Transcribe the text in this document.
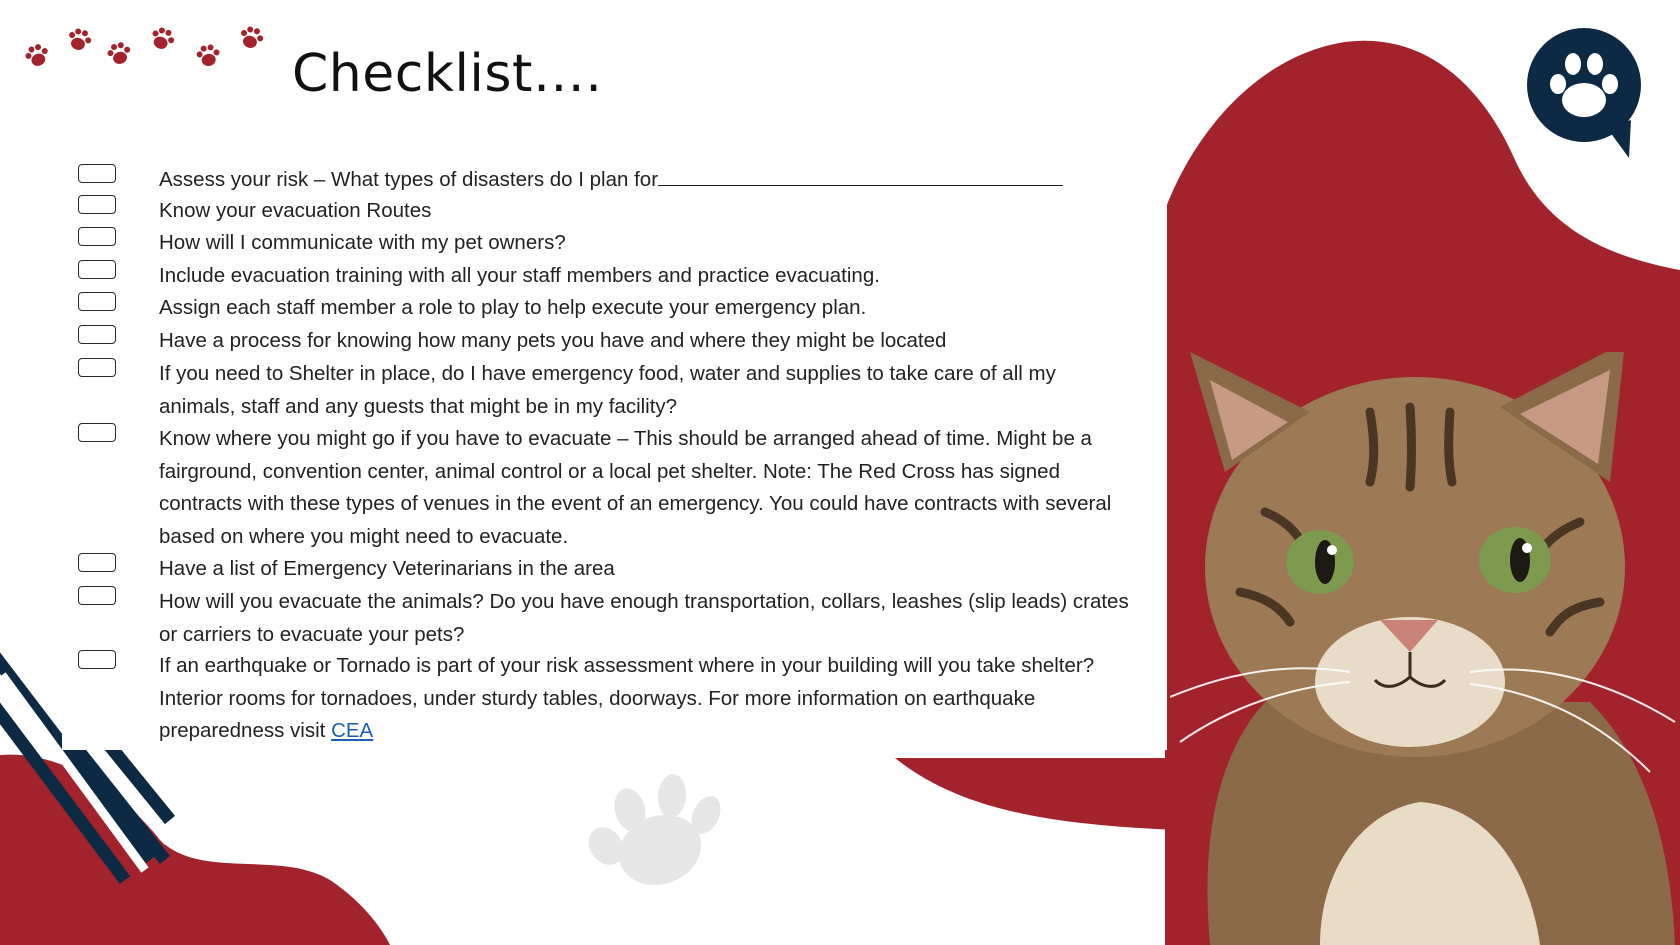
Checklist….
Assess your risk – What types of disasters do I plan for
Know your evacuation Routes
How will I communicate with my pet owners?
Include evacuation training with all your staff members and practice evacuating.
Assign each staff member a role to play to help execute your emergency plan.
Have a process for knowing how many pets you have and where they might be located
If you need to Shelter in place, do I have emergency food, water and supplies to take care of all my animals, staff and any guests that might be in my facility?
Know where you might go if you have to evacuate – This should be arranged ahead of time. Might be a fairground, convention center, animal control or a local pet shelter. Note: The Red Cross has signed contracts with these types of venues in the event of an emergency. You could have contracts with several based on where you might need to evacuate.
Have a list of Emergency Veterinarians in the area
How will you evacuate the animals? Do you have enough transportation, collars, leashes (slip leads) crates or carriers to evacuate your pets?
If an earthquake or Tornado is part of your risk assessment where in your building will you take shelter? Interior rooms for tornadoes, under sturdy tables, doorways. For more information on earthquake preparedness visit CEA
